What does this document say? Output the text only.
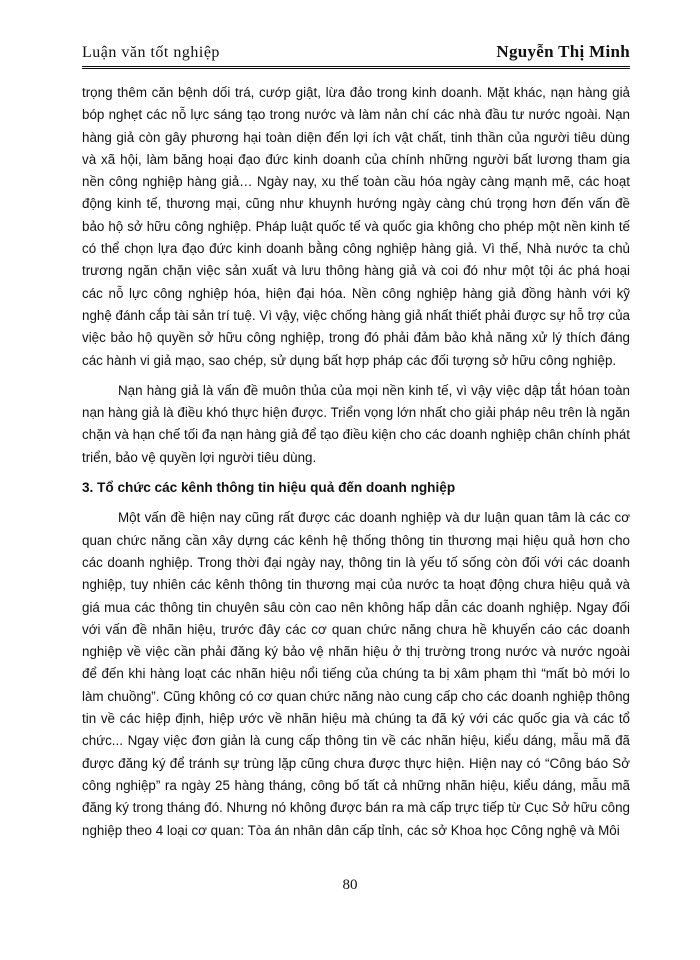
Luận văn tốt nghiệp	Nguyễn Thị Minh

trọng thêm căn bệnh dối trá, cướp giật, lừa đảo trong kinh doanh. Mặt khác, nạn hàng giả bóp nghẹt các nỗ lực sáng tạo trong nước và làm nản chí các nhà đầu tư nước ngoài. Nạn hàng giả còn gây phương hại toàn diện đến lợi ích vật chất, tinh thần của người tiêu dùng và xã hội, làm băng hoại đạo đức kinh doanh của chính những người bất lương tham gia nền công nghiệp hàng giả… Ngày nay, xu thế toàn cầu hóa ngày càng mạnh mẽ, các hoạt động kinh tế, thương mại, cũng như khuynh hướng ngày càng chú trọng hơn đến vấn đề bảo hộ sở hữu công nghiệp. Pháp luật quốc tế và quốc gia không cho phép một nền kinh tế có thể chọn lựa đạo đức kinh doanh bằng công nghiệp hàng giả. Vì thế, Nhà nước ta chủ trương ngăn chặn việc sản xuất và lưu thông hàng giả và coi đó như một tội ác phá hoại các nỗ lực công nghiệp hóa, hiện đại hóa. Nền công nghiệp hàng giả đồng hành với kỹ nghệ đánh cắp tài sản trí tuệ. Vì vậy, việc chống hàng giả nhất thiết phải được sự hỗ trợ của việc bảo hộ quyền sở hữu công nghiệp, trong đó phải đảm bảo khả năng xử lý thích đáng các hành vi giả mạo, sao chép, sử dụng bất hợp pháp các đối tượng sở hữu công nghiệp.

Nạn hàng giả là vấn đề muôn thủa của mọi nền kinh tế, vì vậy việc dập tắt hóan toàn nạn hàng giả là điều khó thực hiện được. Triển vọng lớn nhất cho giải pháp nêu trên là ngăn chặn và hạn chế tối đa nạn hàng giả để tạo điều kiện cho các doanh nghiệp chân chính phát triển, bảo vệ quyền lợi người tiêu dùng.

3. Tổ chức các kênh thông tin hiệu quả đến doanh nghiệp

Một vấn đề hiện nay cũng rất được các doanh nghiệp và dư luận quan tâm là các cơ quan chức năng cần xây dựng các kênh hệ thống thông tin thương mại hiệu quả hơn cho các doanh nghiệp. Trong thời đại ngày nay, thông tin là yếu tố sống còn đối với các doanh nghiệp, tuy nhiên các kênh thông tin thương mại của nước ta hoạt động chưa hiệu quả và giá mua các thông tin chuyên sâu còn cao nên không hấp dẫn các doanh nghiệp. Ngay đối với vấn đề nhãn hiệu, trước đây các cơ quan chức năng chưa hề khuyến cáo các doanh nghiệp về việc cần phải đăng ký bảo vệ nhãn hiệu ở thị trường trong nước và nước ngoài để đến khi hàng loạt các nhãn hiệu nổi tiếng của chúng ta bị xâm phạm thì “mất bò mới lo làm chuồng”. Cũng không có cơ quan chức năng nào cung cấp cho các doanh nghiệp thông tin về các hiệp định, hiệp ước về nhãn hiệu mà chúng ta đã ký với các quốc gia và các tổ chức... Ngay việc đơn giản là cung cấp thông tin về các nhãn hiệu, kiểu dáng, mẫu mã đã được đăng ký để tránh sự trùng lặp cũng chưa được thực hiện. Hiện nay có “Công báo Sở công nghiệp” ra ngày 25 hàng tháng, công bố tất cả những nhãn hiệu, kiểu dáng, mẫu mã đăng ký trong tháng đó. Nhưng nó không được bán ra mà cấp trực tiếp từ Cục Sở hữu công nghiệp theo 4 loại cơ quan: Tòa án nhân dân cấp tỉnh, các sở Khoa học Công nghệ và Môi

80
